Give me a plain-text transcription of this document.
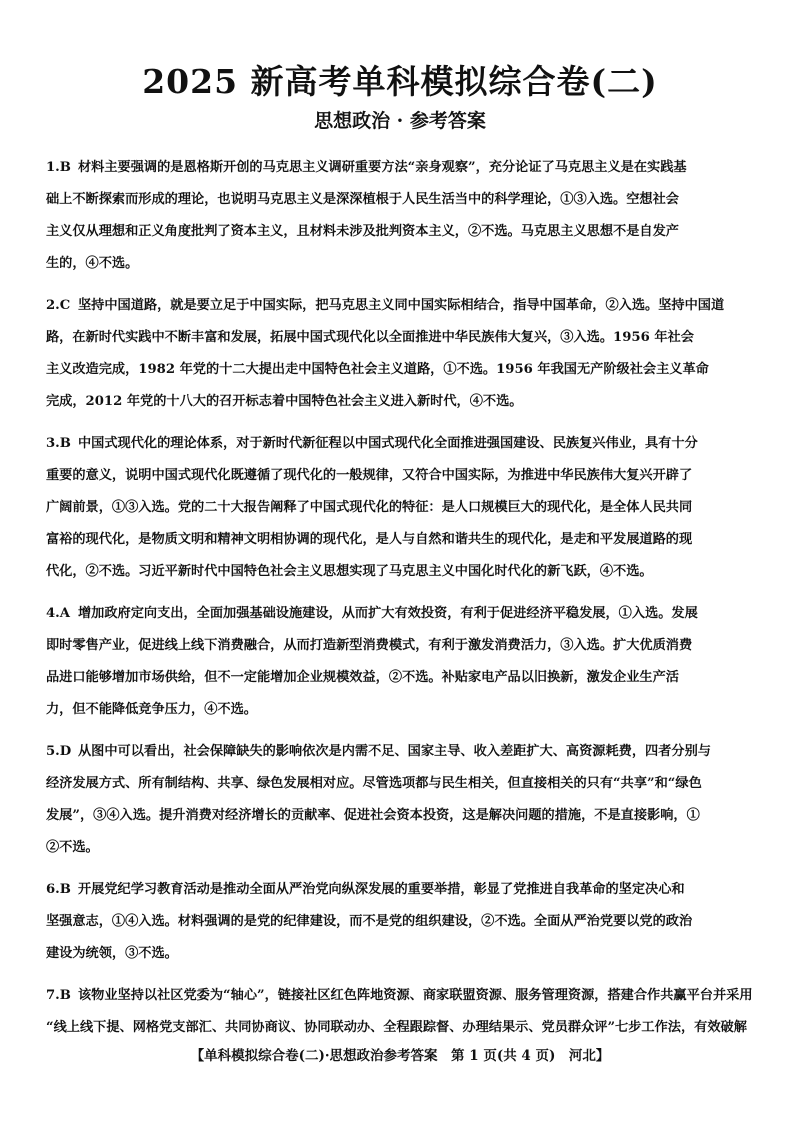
2025 新高考单科模拟综合卷(二)
思想政治 · 参考答案
1.B 材料主要强调的是恩格斯开创的马克思主义调研重要方法“亲身观察”，充分论证了马克思主义是在实践基
础上不断探索而形成的理论，也说明马克思主义是深深植根于人民生活当中的科学理论，①③入选。空想社会
主义仅从理想和正义角度批判了资本主义，且材料未涉及批判资本主义，②不选。马克思主义思想不是自发产
生的，④不选。
2.C 坚持中国道路，就是要立足于中国实际，把马克思主义同中国实际相结合，指导中国革命，②入选。坚持中国道
路，在新时代实践中不断丰富和发展，拓展中国式现代化以全面推进中华民族伟大复兴，③入选。1956 年社会
主义改造完成，1982 年党的十二大提出走中国特色社会主义道路，①不选。1956 年我国无产阶级社会主义革命
完成，2012 年党的十八大的召开标志着中国特色社会主义进入新时代，④不选。
3.B 中国式现代化的理论体系，对于新时代新征程以中国式现代化全面推进强国建设、民族复兴伟业，具有十分
重要的意义，说明中国式现代化既遵循了现代化的一般规律，又符合中国实际，为推进中华民族伟大复兴开辟了
广阔前景，①③入选。党的二十大报告阐释了中国式现代化的特征：是人口规模巨大的现代化，是全体人民共同
富裕的现代化，是物质文明和精神文明相协调的现代化，是人与自然和谐共生的现代化，是走和平发展道路的现
代化，②不选。习近平新时代中国特色社会主义思想实现了马克思主义中国化时代化的新飞跃，④不选。
4.A 增加政府定向支出，全面加强基础设施建设，从而扩大有效投资，有利于促进经济平稳发展，①入选。发展
即时零售产业，促进线上线下消费融合，从而打造新型消费模式，有利于激发消费活力，③入选。扩大优质消费
品进口能够增加市场供给，但不一定能增加企业规模效益，②不选。补贴家电产品以旧换新，激发企业生产活
力，但不能降低竞争压力，④不选。
5.D 从图中可以看出，社会保障缺失的影响依次是内需不足、国家主导、收入差距扩大、高资源耗费，四者分别与
经济发展方式、所有制结构、共享、绿色发展相对应。尽管选项都与民生相关，但直接相关的只有“共享”和“绿色
发展”，③④入选。提升消费对经济增长的贡献率、促进社会资本投资，这是解决问题的措施，不是直接影响，①
②不选。
6.B 开展党纪学习教育活动是推动全面从严治党向纵深发展的重要举措，彰显了党推进自我革命的坚定决心和
坚强意志，①④入选。材料强调的是党的纪律建设，而不是党的组织建设，②不选。全面从严治党要以党的政治
建设为统领，③不选。
7.B 该物业坚持以社区党委为“轴心”，链接社区红色阵地资源、商家联盟资源、服务管理资源，搭建合作共赢平台并采用
“线上线下提、网格党支部汇、共同协商议、协同联动办、全程跟踪督、办理结果示、党员群众评”七步工作法，有效破解
【单科模拟综合卷(二)·思想政治参考答案　第 1 页(共 4 页)　河北】
